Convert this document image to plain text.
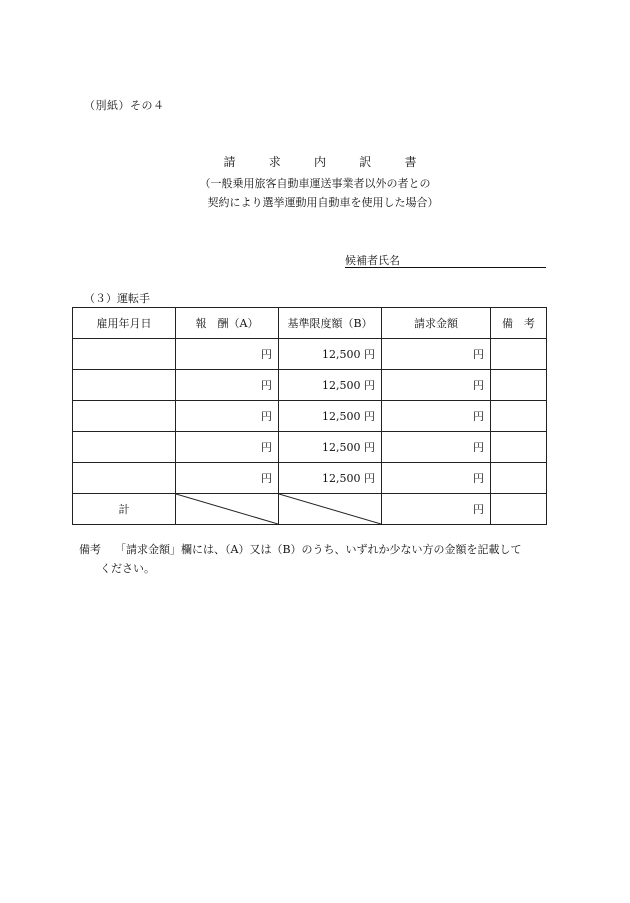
（別紙）その４
請	求	内	訳	書
（一般乗用旅客自動車運送事業者以外の者との
契約により選挙運動用自動車を使用した場合）
候補者氏名
（３）運転手
雇用年月日	報　酬（A）	基準限度額（B）	請求金額	備　考
	円	12,500 円	円	
	円	12,500 円	円	
	円	12,500 円	円	
	円	12,500 円	円	
	円	12,500 円	円	
計			円	
備考 「請求金額」欄には、（A）又は（B）のうち、いずれか少ない方の金額を記載して
ください。
